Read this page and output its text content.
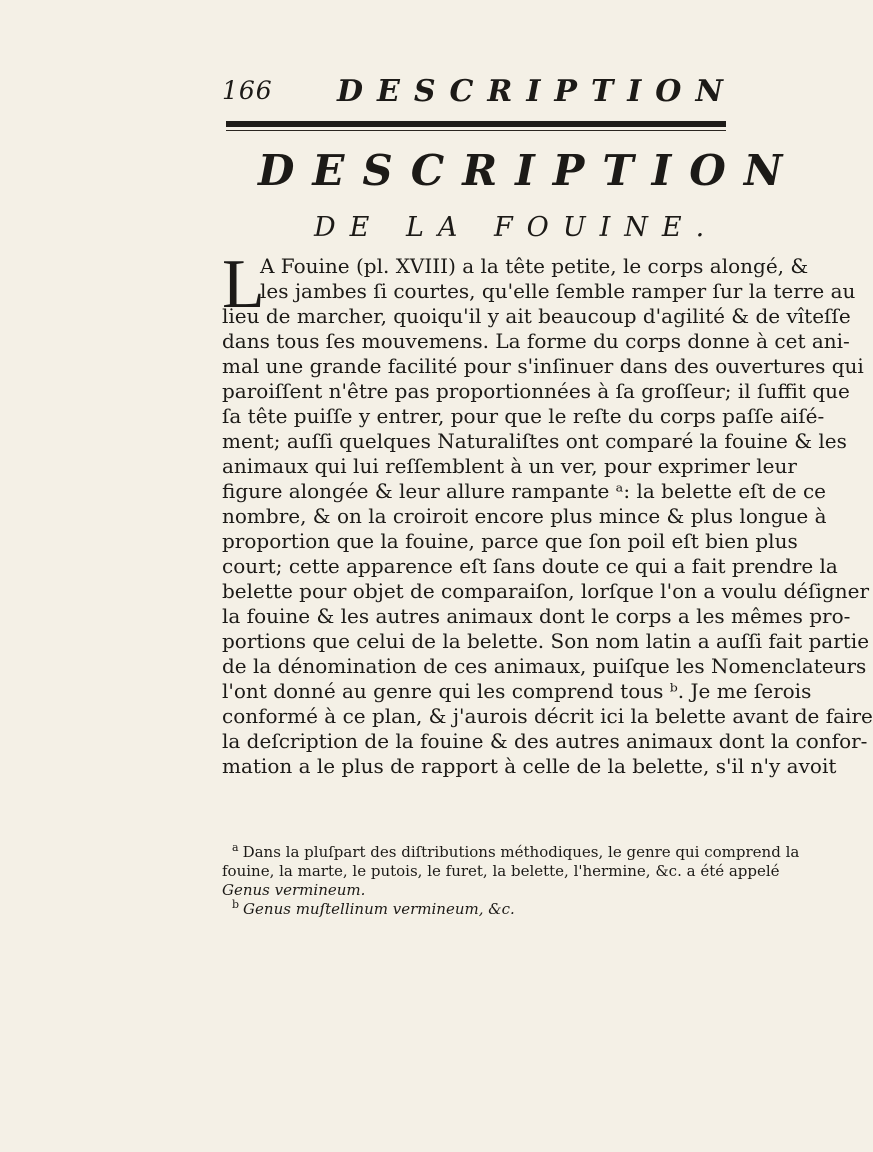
166 DESCRIPTION
DESCRIPTION
DE LA FOUINE.
L
A Fouine (pl. XVIII) a la tête petite, le corps alongé, &
les jambes ſi courtes, qu'elle ſemble ramper ſur la terre au
lieu de marcher, quoiqu'il y ait beaucoup d'agilité & de vîteſſe
dans tous ſes mouvemens. La forme du corps donne à cet ani-
mal une grande facilité pour s'inſinuer dans des ouvertures qui
paroiſſent n'être pas proportionnées à ſa groſſeur; il ſuffit que
ſa tête puiſſe y entrer, pour que le reſte du corps paſſe aiſé-
ment; auſſi quelques Naturaliſtes ont comparé la fouine & les
animaux qui lui reſſemblent à un ver, pour exprimer leur
figure alongée & leur allure rampante ᵃ: la belette eſt de ce
nombre, & on la croiroit encore plus mince & plus longue à
proportion que la fouine, parce que ſon poil eſt bien plus
court; cette apparence eſt ſans doute ce qui a fait prendre la
belette pour objet de comparaiſon, lorſque l'on a voulu déſigner
la fouine & les autres animaux dont le corps a les mêmes pro-
portions que celui de la belette. Son nom latin a auſſi fait partie
de la dénomination de ces animaux, puiſque les Nomenclateurs
l'ont donné au genre qui les comprend tous ᵇ. Je me ſerois
conformé à ce plan, & j'aurois décrit ici la belette avant de faire
la deſcription de la fouine & des autres animaux dont la confor-
mation a le plus de rapport à celle de la belette, s'il n'y avoit
$^a$ Dans la pluſpart des diſtributions méthodiques, le genre qui comprend la
fouine, la marte, le putois, le furet, la belette, l'hermine, &c. a été appelé
Genus vermineum.
$^b$ Genus muſtellinum vermineum, &c.
